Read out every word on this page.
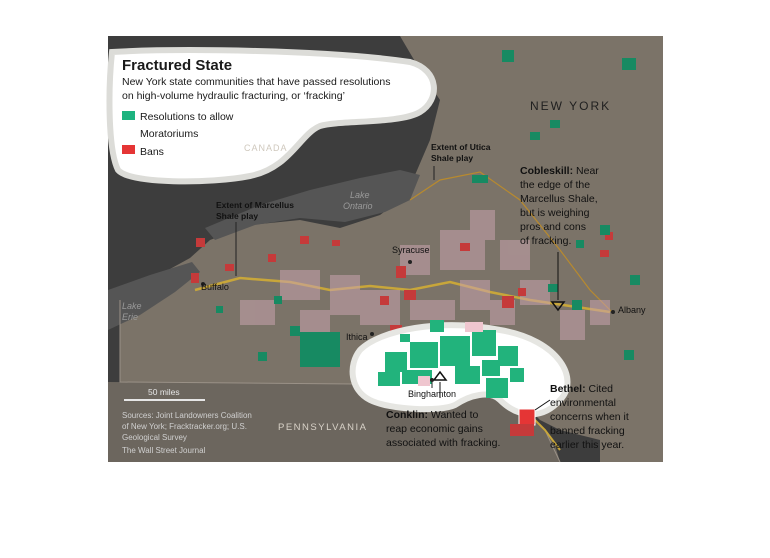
Fractured State
New York state communities that have passed resolutions
on high-volume hydraulic fracturing, or ‘fracking’
Resolutions to allow
Moratoriums
Bans	CANADA
NEW YORK
PENNSYLVANIA
Lake
Ontario
Lake
Erie
Buffalo
Syracuse
Ithica
Binghamton
Albany
Extent of Utica
Shale play
Extent of Marcellus
Shale play
Cobleskill: Near the edge of the Marcellus Shale, but is weighing pros and cons of fracking.
Conklin: Wanted to reap economic gains associated with fracking.
Bethel: Cited environmental concerns when it banned fracking earlier this year.
50 miles
Sources: Joint Landowners Coalition
of New York; Fracktracker.org; U.S.
Geological Survey
The Wall Street Journal
